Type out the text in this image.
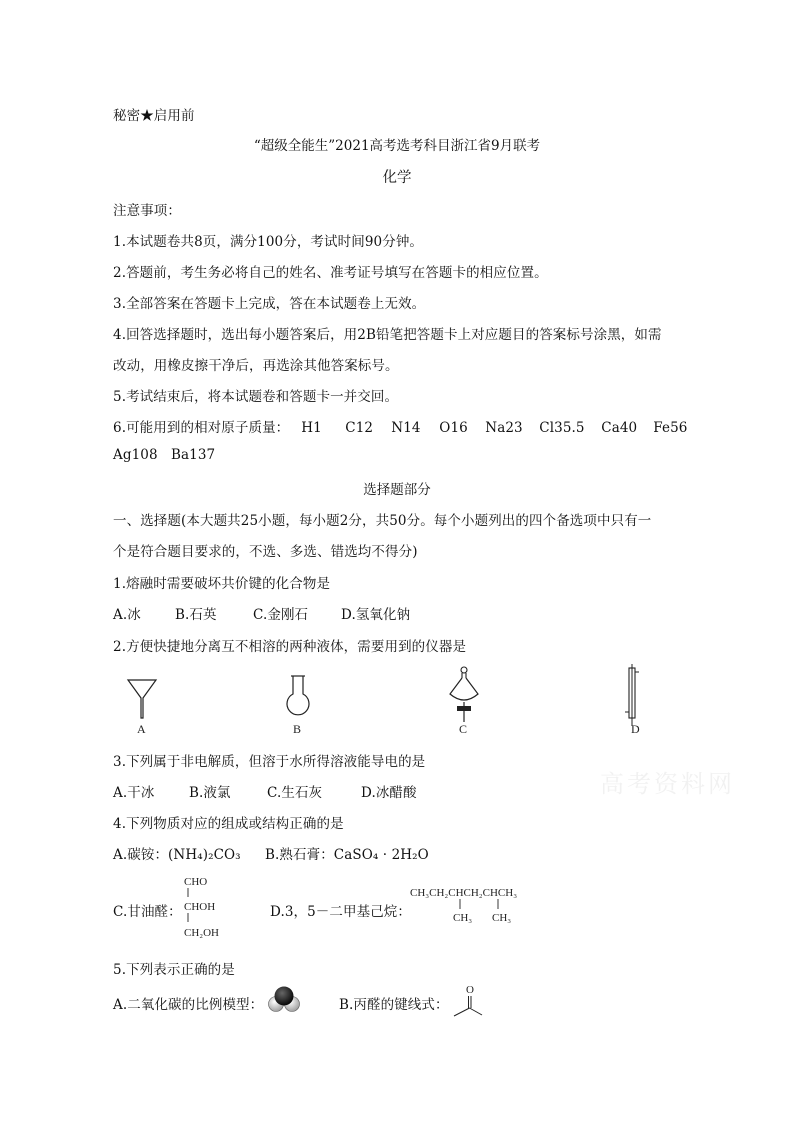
秘密★启用前
“超级全能生”2021高考选考科目浙江省9月联考
化学
注意事项：
1.本试题卷共8页，满分100分，考试时间90分钟。
2.答题前，考生务必将自己的姓名、准考证号填写在答题卡的相应位置。
3.全部答案在答题卡上完成，答在本试题卷上无效。
4.回答选择题时，选出每小题答案后，用2B铅笔把答题卡上对应题目的答案标号涂黑，如需
改动，用橡皮擦干净后，再选涂其他答案标号。
5.考试结束后，将本试题卷和答题卡一并交回。
6.可能用到的相对原子质量： H1 C12 N14 O16 Na23 Cl35.5 Ca40 Fe56
Ag108 Ba137
选择题部分
一、选择题(本大题共25小题，每小题2分，共50分。每个小题列出的四个备选项中只有一
个是符合题目要求的，不选、多选、错选均不得分)
1.熔融时需要破坏共价键的化合物是
A.冰	B.石英	C.金刚石 D.氢氧化钠
2.方便快捷地分离互不相溶的两种液体，需要用到的仪器是
A	B	C	D
3.下列属于非电解质，但溶于水所得溶液能导电的是
A.干冰	B.液氯	C.生石灰	D.冰醋酸	高考资料网
4.下列物质对应的组成或结构正确的是
A.碳铵：(NH₄)₂CO₃ B.熟石膏：CaSO₄ · 2H₂O
C.甘油醛：	D.3，5－二甲基己烷：
CHO
CHOH
CH₂OH
CH₃CH₂CHCH₂CHCH₃
CH₃ CH₃
5.下列表示正确的是
A.二氧化碳的比例模型：	B.丙醛的键线式：
O
